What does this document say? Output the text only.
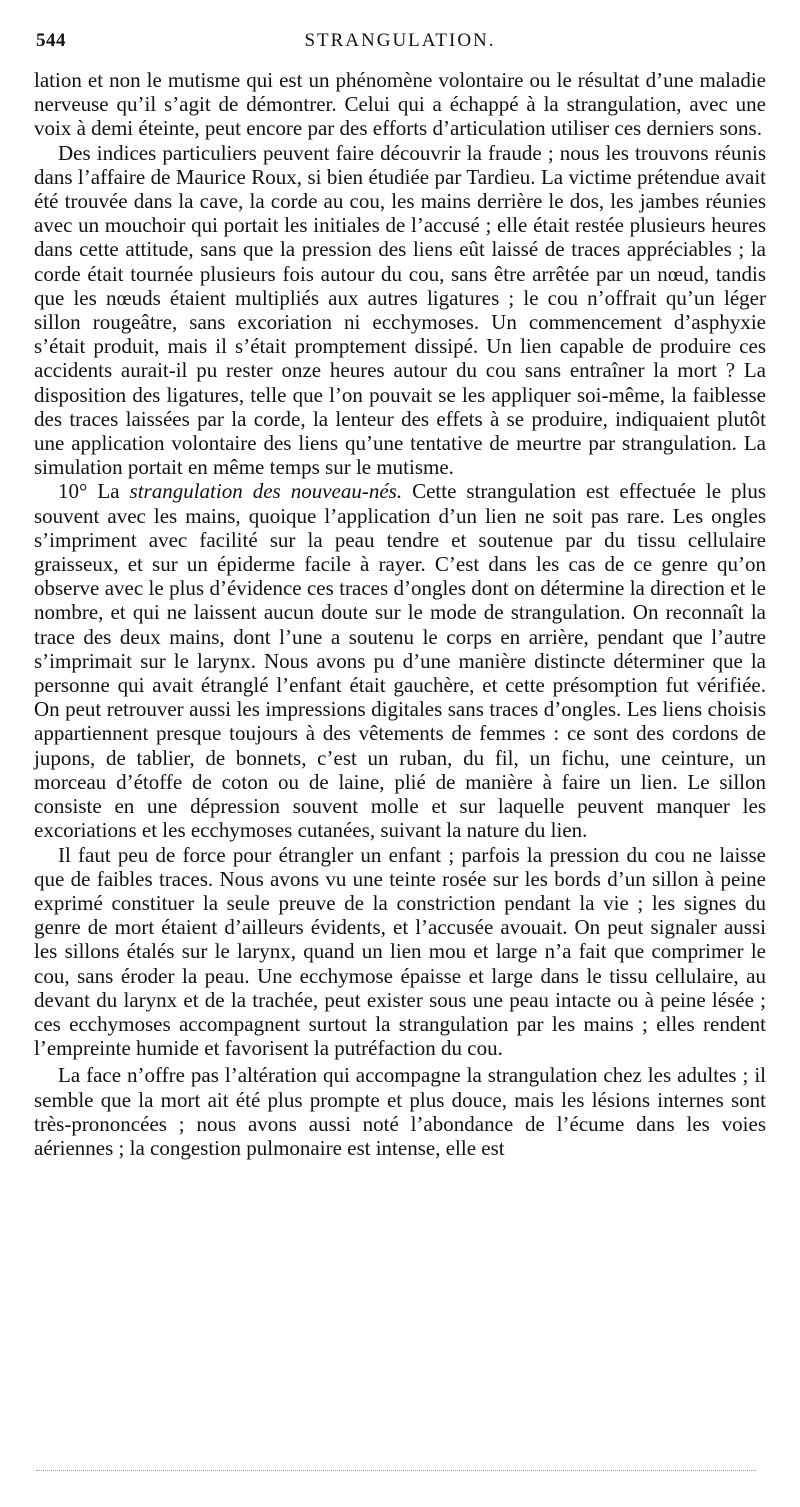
544	STRANGULATION.

lation et non le mutisme qui est un phénomène volontaire ou le résultat d’une maladie nerveuse qu’il s’agit de démontrer. Celui qui a échappé à la strangulation, avec une voix à demi éteinte, peut encore par des efforts d’articulation utiliser ces derniers sons.

Des indices particuliers peuvent faire découvrir la fraude ; nous les trouvons réunis dans l’affaire de Maurice Roux, si bien étudiée par Tardieu. La victime prétendue avait été trouvée dans la cave, la corde au cou, les mains derrière le dos, les jambes réunies avec un mouchoir qui portait les initiales de l’accusé ; elle était restée plusieurs heures dans cette attitude, sans que la pression des liens eût laissé de traces appréciables ; la corde était tournée plusieurs fois autour du cou, sans être arrêtée par un nœud, tandis que les nœuds étaient multipliés aux autres ligatures ; le cou n’offrait qu’un léger sillon rougeâtre, sans excoriation ni ecchymoses. Un commencement d’asphyxie s’était produit, mais il s’était promptement dissipé. Un lien capable de produire ces accidents aurait-il pu rester onze heures autour du cou sans entraîner la mort ? La disposition des ligatures, telle que l’on pouvait se les appliquer soi-même, la faiblesse des traces laissées par la corde, la lenteur des effets à se produire, indiquaient plutôt une application volontaire des liens qu’une tentative de meurtre par strangulation. La simulation portait en même temps sur le mutisme.

10° La strangulation des nouveau-nés. Cette strangulation est effectuée le plus souvent avec les mains, quoique l’application d’un lien ne soit pas rare. Les ongles s’impriment avec facilité sur la peau tendre et soutenue par du tissu cellulaire graisseux, et sur un épiderme facile à rayer. C’est dans les cas de ce genre qu’on observe avec le plus d’évidence ces traces d’ongles dont on détermine la direction et le nombre, et qui ne laissent aucun doute sur le mode de strangulation. On reconnaît la trace des deux mains, dont l’une a soutenu le corps en arrière, pendant que l’autre s’imprimait sur le larynx. Nous avons pu d’une manière distincte déterminer que la personne qui avait étranglé l’enfant était gauchère, et cette présomption fut vérifiée. On peut retrouver aussi les impressions digitales sans traces d’ongles. Les liens choisis appartiennent presque toujours à des vêtements de femmes : ce sont des cordons de jupons, de tablier, de bonnets, c’est un ruban, du fil, un fichu, une ceinture, un morceau d’étoffe de coton ou de laine, plié de manière à faire un lien. Le sillon consiste en une dépression souvent molle et sur laquelle peuvent manquer les excoriations et les ecchymoses cutanées, suivant la nature du lien.

Il faut peu de force pour étrangler un enfant ; parfois la pression du cou ne laisse que de faibles traces. Nous avons vu une teinte rosée sur les bords d’un sillon à peine exprimé constituer la seule preuve de la constriction pendant la vie ; les signes du genre de mort étaient d’ailleurs évidents, et l’accusée avouait. On peut signaler aussi les sillons étalés sur le larynx, quand un lien mou et large n’a fait que comprimer le cou, sans éroder la peau. Une ecchymose épaisse et large dans le tissu cellulaire, au devant du larynx et de la trachée, peut exister sous une peau intacte ou à peine lésée ; ces ecchymoses accompagnent surtout la strangulation par les mains ; elles rendent l’empreinte humide et favorisent la putréfaction du cou.

La face n’offre pas l’altération qui accompagne la strangulation chez les adultes ; il semble que la mort ait été plus prompte et plus douce, mais les lésions internes sont très-prononcées ; nous avons aussi noté l’abondance de l’écume dans les voies aériennes ; la congestion pulmonaire est intense, elle est
